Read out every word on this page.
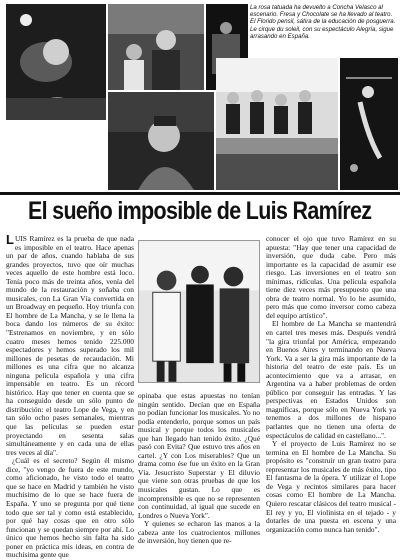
La rosa tatuada ha devuelto a Concha Velasco al escenario. Fresa y Chocolate se ha llevado al teatro. El Florido pensil, sátira de la educación de posguerra. Le cirque du soleil, con su espectáculo Alegría, sigue arrasando en España.
El sueño imposible de Luis Ramírez

LUIS Ramírez es la prueba de que nada es imposible en el teatro. Hace apenas un par de años, cuando hablaba de sus grandes proyectos, tuvo que oír muchas veces aquello de este hombre está loco. Tenía poco más de treinta años, venía del mundo de la restauración y soñaba con musicales, con La Gran Vía convertida en un Broadway en pequeño. Hoy triunfa con El hombre de La Mancha, y se le llena la boca dando los números de su éxito: "Estrenamos en noviembre, y en sólo cuatro meses hemos tenido 225.000 espectadores y hemos superado los mil millones de pesetas de recaudación. Mi millones es una cifra que no alcanza ninguna película española y una cifra impensable en teatro. Es un récord histórico. Hay que tener en cuenta que se ha conseguido desde un sólo punto de distribución: el teatro Lope de Vega, y en tan sólo ocho pases semanales, mientras que las películas se pueden estar proyectando en sesenta salas simultáneamente y en cada una de ellas tres veces al día".

¿Cuál es el secreto? Según él mismo dice, "yo vengo de fuera de este mundo, como aficionado, he visto todo el teatro que se hace en Madrid y también he visto muchísimo de lo que se hace fuera de España. Y uno se pregunta por qué tiene todo que ser tal y como está establecido, por qué hay cosas que en otro sólo funcionan y se quedan siempre por ahí. Lo único que hemos hecho sin falta ha sido poner en práctica mis ideas, en contra de muchísima gente que

opinaba que estas apuestas no tenían ningún sentido. Decían que en España no podían funcionar los musicales. Yo no podía entenderlo, porque somos un país musical y porque todos los musicales que han llegado han tenido éxito. ¿Qué pasó con Evita? Que estuvo tres años en cartel. ¿Y con Los miserables? Que un drama como ése fue un éxito en la Gran Vía. Jesucristo Superstar y El diluvio que viene son otras pruebas de que los musicales gustan. Lo que es incomprensible es que no se representen con continuidad, al igual que sucede en Londres o Nueva York".

Y quienes se echaron las manos a la cabeza ante los cuatrocientos millones de inversión, hoy tienen que re-

conocer el ojo que tuvo Ramírez en su apuesta: "Hay que tener una capacidad de inversión, que duda cabe. Pero más importante es la capacidad de asumir ese riesgo. Las inversiones en el teatro son mínimas, ridículas. Una película española tiene diez veces más presupuesto que una obra de teatro normal. Yo lo he asumido, pero más que como inversor como cabeza del equipo artístico".

El hombre de La Mancha se mantendrá en cartel tres meses más. Después vendrá "la gira triunfal por América, empezando en Buenos Aires y terminando en Nueva York. Va a ser la gira más importante de la historia del teatro de este país. Es un acontecimiento que va a arrasar, en Argentina va a haber problemas de orden público por conseguir las entradas. Y las perspectivas en Estados Unidos son magníficas, porque sólo en Nueva York ya tenemos a dos millones de hispano parlantes que no tienen una oferta de espectáculos de calidad en castellano...".

Y el proyecto de Luis Ramírez no se termina en El hombre de La Mancha. Su propósito es "construir un gran teatro para representar los musicales de más éxito, tipo El fantasma de la ópera. Y utilizar el Lope de Vega y recintos similares para hacer cosas como El hombre de La Mancha. Quiero rescatar clásicos del teatro musical - El rey y yo, El violinista en el tejado - y dotarles de una puesta en escena y una organización como nunca han tenido".
